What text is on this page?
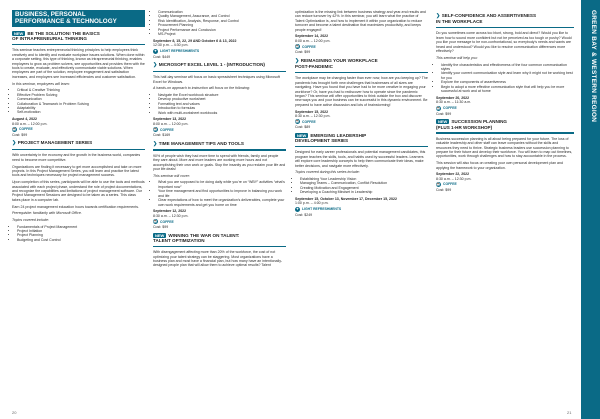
BUSINESS, PERSONAL
PERFORMANCE & TECHNOLOGY
NEW BE THE SOLUTION! THE BASICS
OF INTRAPRENEURIAL THINKING

This seminar teaches entrepreneurial thinking principles to help employees think creatively and to identify and evaluate workplace issues solutions. When done within a corporate setting, this type of thinking, known as intrapreneurial thinking, enables employees to grow as problem solvers, see opportunities and provides them with the tools to create, evaluate, and effectively communicate viable solutions. When employees are part of the solution, employee engagement and satisfaction increases, and employers see increased efficiencies and customer satisfaction.

In this seminar, employees will learn:

• Critical & Creative Thinking
• Effective Problem Solving
• Communication
• Collaboration & Teamwork in Problem Solving
• Adaptability
• Self-motivation

August 4, 2022

8:00 a.m. – 12:00 p.m.

☕ COFFEE

Cost: $99

❯ PROJECT MANAGEMENT SERIES

With uncertainty in the economy and the growth in the business world, companies need to become more competitive.

Organizations are finding it necessary to get more accomplished and take on more projects. In this Project Management Series, you will learn and practice the latest tools and techniques necessary for project management success.

Upon completion of this series, participants will be able to use the tools and methods associated with each project phase, understand the role of project documentations, and recognize the capabilities and limitations of project management software. Our Project Management Sessions are designed to be taken as a series. This class takes place in a computer lab.

Earn 24 project management education hours towards certification requirements.

Prerequisite: familiarity with Microsoft Office.

Topics covered include:

• Fundamentals of Project Management
• Project Initiation
• Project Planning
• Budgeting and Cost Control
• Communication
• Quality Management, Assurance, and Control
• Risk Identification, Analysis, Response, and Control
• Procurement Planning
• Project Performance and Conclusion
• MS-Project

September 8, 15, 22, 29 AND October 6 & 13, 2022

12:30 p.m. – 4:30 p.m.

✦ LIGHT REFRESHMENTS

Cost: $449

❯ MICROSOFT EXCEL LEVEL 1 - (INTRODUCTION)

This half-day seminar will focus on basic spreadsheet techniques using Microsoft Excel for Windows.

A hands-on approach to instruction will focus on the following:

• Navigate the Excel workbook structure
• Develop productive worksheet
• Formatting text and values
• Introduction to formulas
• Work with multi-worksheet workbooks

September 13, 2022

8:00 a.m. – 12:00 p.m.

☕ COFFEE

Cost: $169

❯ TIME MANAGEMENT TIPS AND TOOLS

90% of people wish they had more time to spend with friends, family and people they care about. More and more leaders are working more hours and not accomplishing their own work or goals. Stop the insanity as you reclaim your life and your life deals!

This seminar will cover:

• What you are supposed to be doing daily while you're on “WBY” activities “what's important now”
• Your time management and find opportunities to improve in balancing you work and life
• Clear expectations of how to meet the organization's deliverables, complete your own work requirements and get you home on time

September 12, 2022

8:30 a.m. – 12:30 p.m.

☕ COFFEE

Cost: $99

NEW WINNING THE WAR ON TALENT:
TALENT OPTIMIZATION

With disengagement affecting more than 20% of the workforce, the cost of not optimizing your talent strategy can be staggering. Most organizations have a business plan and most have a financial plan, but how many have an intentionally-designed people plan that will allow them to achieve optimal results? Talent

optimization is the missing link between business strategy and year-end results and can reduce turnover by 42%. In this seminar, you will learn what the practice of Talent Optimization is, and how to implement it within your organization to reduce turnover and become a talent destination that maximizes productivity, and keeps people engaged!

September 14, 2022

8:00 a.m. – 12:00 p.m.

☕ COFFEE

Cost: $99

❯ REIMAGINING YOUR WORKPLACE
POST-PANDEMIC

The workplace may be changing faster than ever now; how are you keeping up? The pandemic has brought forth new challenges that businesses of all sizes are navigating. Have you found that you have had to be more creative in engaging your workforce? Or, have you had to rediscover how to operate since the pandemic began? This seminar will offer opportunities to think outside the box and discover new ways you and your business can be successful in this dynamic environment. Be prepared to have active discussion and lots of brainstorming!

September 15, 2022

8:30 a.m. – 12:30 p.m.

☕ COFFEE

Cost: $89

NEW EMERGING LEADERSHIP
DEVELOPMENT SERIES

Designed for early career professionals and potential management candidates, this program teaches the skills, tools, and habits used by successful leaders. Learners will explore core leadership concepts to help them communicate their ideas, make better decisions, and navigate more effectively.

Topics covered during this series include:

• Establishing Your Leadership Vision
• Managing Teams – Communication, Conflict Resolution
• Creating Motivation and Engagement
• Developing a Coaching Mindset in Leadership

September 15, October 13, November 17, December 15, 2022

1:00 p.m. – 4:00 p.m.

✦ LIGHT REFRESHMENTS

Cost: $249

❯ SELF-CONFIDENCE AND ASSERTIVENESS
IN THE WORKPLACE

Do you sometimes come across too blunt, strong, bold and direct? Would you like to learn how to sound more confident but not be perceived as too tough or pushy? Would you like your message to be non-confrontational, so everybody's needs and wants are heard and understood? Would you like to resolve communication differences more effectively?

This seminar will help you:

• Identify the characteristics and effectiveness of the four common communication styles
• Identify your current communication style and learn why it might not be working best for you
• Explore the components of assertiveness
• Begin to adopt a more effective communication style that will help you be more successful at work and at home

September 20, 2022

8:30 a.m. – 11:30 a.m.

☕ COFFEE

Cost: $99

NEW SUCCESSION PLANNING
(PLUS 1-HR WORKSHOP)

Business succession planning is all about being prepared for your future. The loss of valuable leadership and other staff can leave companies without the skills and resources they need to thrive. Strategic business leaders use succession planning to prepare for their future and develop their workforce. You will learn to map out timelines, opportunities, work through challenges and how to stay accountable in the process.

This session will also focus on creating your own personal development plan and applying the framework to your organization.

September 22, 2022

8:30 a.m. – 12:30 p.m.

☕ COFFEE

Cost: $99

GREEN BAY & WESTERN REGION
20	21
